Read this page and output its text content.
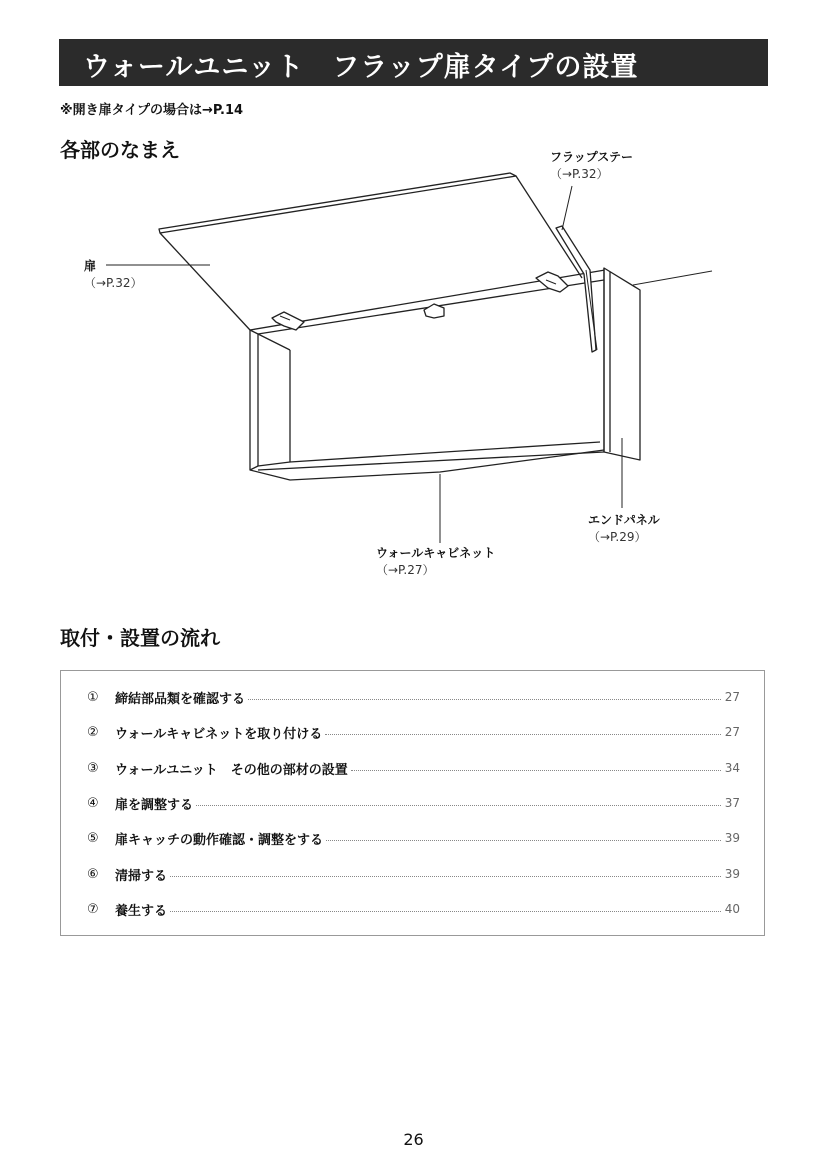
ウォールユニット　フラップ扉タイプの設置
※開き扉タイプの場合は→P.14
各部のなまえ	フラップステー
（→P.32）
扉
（→P.32）
エンドパネル
（→P.29）
ウォールキャビネット
（→P.27）
取付・設置の流れ
①	締結部品類を確認する	27
②	ウォールキャビネットを取り付ける	27
③	ウォールユニット　その他の部材の設置	34
④	扉を調整する	37
⑤	扉キャッチの動作確認・調整をする	39
⑥	清掃する	39
⑦	養生する	40
26
